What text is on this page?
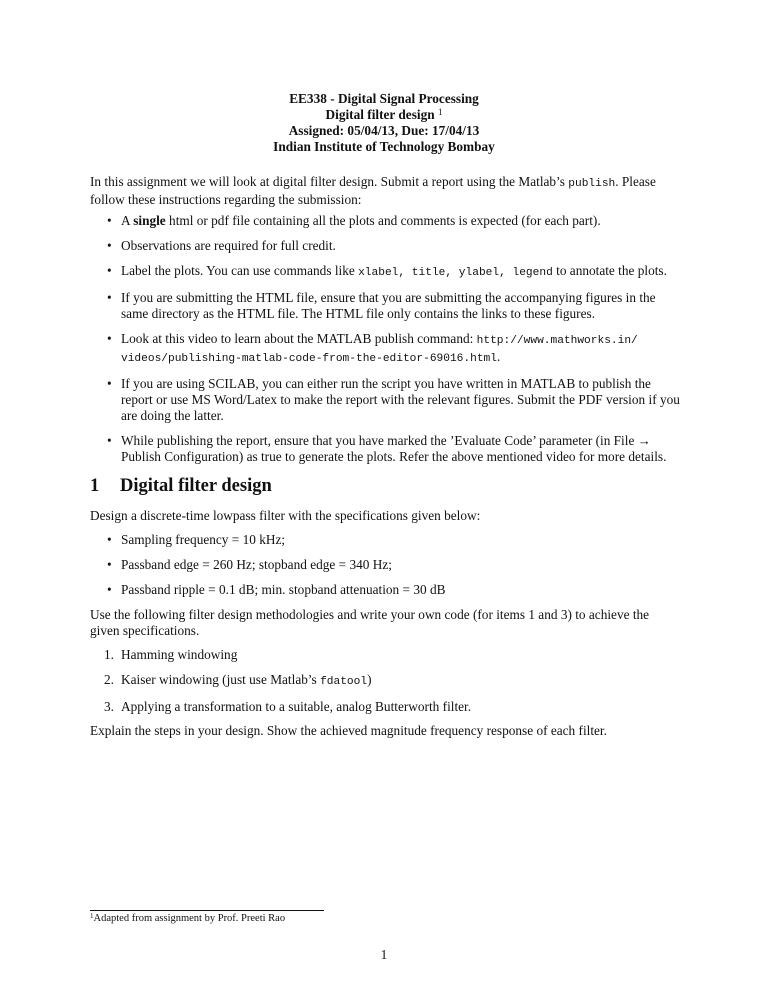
EE338 - Digital Signal Processing
Digital filter design $^1$
Assigned: 05/04/13, Due: 17/04/13
Indian Institute of Technology Bombay
In this assignment we will look at digital filter design. Submit a report using the Matlab’s publish. Please follow these instructions regarding the submission:
• A single html or pdf file containing all the plots and comments is expected (for each part).
• Observations are required for full credit.
• Label the plots. You can use commands like xlabel, title, ylabel, legend to annotate the plots.
• If you are submitting the HTML file, ensure that you are submitting the accompanying figures in the same directory as the HTML file. The HTML file only contains the links to these figures.
• Look at this video to learn about the MATLAB publish command: http://www.mathworks.in/
videos/publishing-matlab-code-from-the-editor-69016.html.
• If you are using SCILAB, you can either run the script you have written in MATLAB to publish the report or use MS Word/Latex to make the report with the relevant figures. Submit the PDF version if you are doing the latter.
• While publishing the report, ensure that you have marked the ’Evaluate Code’ parameter (in File → Publish Configuration) as true to generate the plots. Refer the above mentioned video for more details.
1 Digital filter design
Design a discrete-time lowpass filter with the specifications given below:
• Sampling frequency = 10 kHz;
• Passband edge = 260 Hz; stopband edge = 340 Hz;
• Passband ripple = 0.1 dB; min. stopband attenuation = 30 dB
Use the following filter design methodologies and write your own code (for items 1 and 3) to achieve the given specifications.
1. Hamming windowing
2. Kaiser windowing (just use Matlab’s fdatool)
3. Applying a transformation to a suitable, analog Butterworth filter.
Explain the steps in your design. Show the achieved magnitude frequency response of each filter.
$^1$Adapted from assignment by Prof. Preeti Rao
1
